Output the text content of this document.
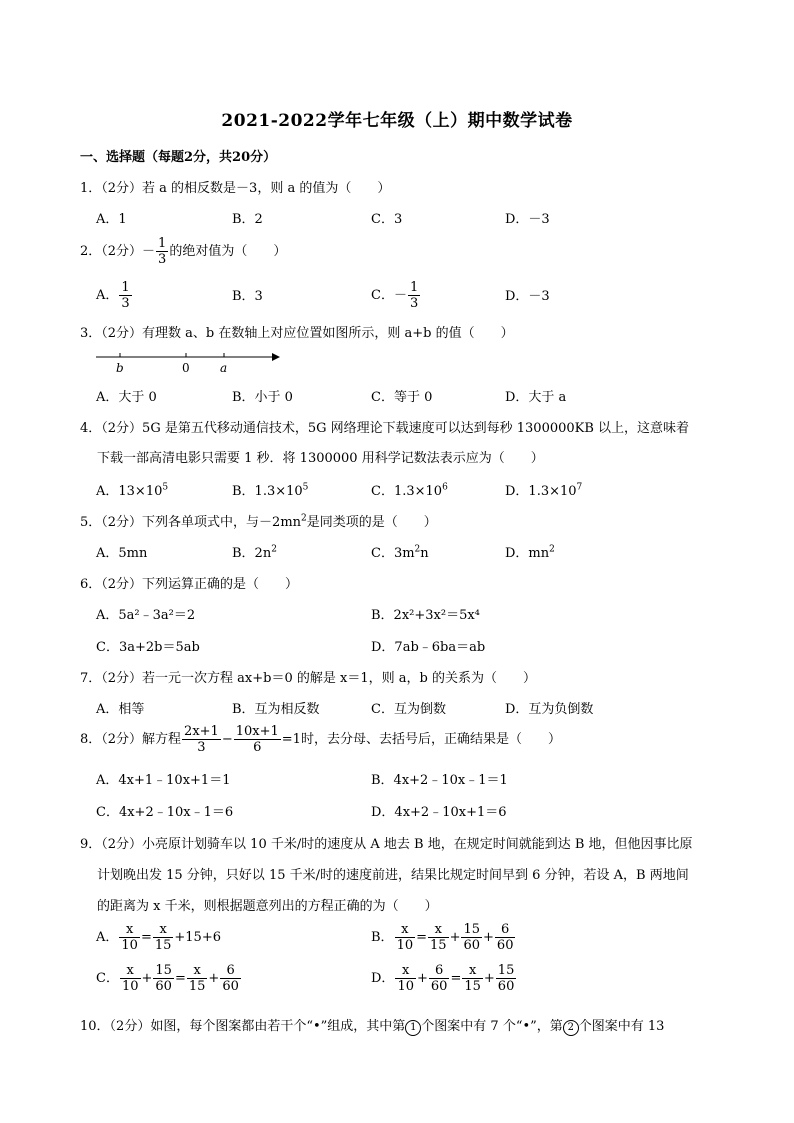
2021-2022学年七年级（上）期中数学试卷
一、选择题（每题2分，共20分）
1．（2分）若 a 的相反数是－3，则 a 的值为（　　）
A．1	B．2	C．3	D．－3
2．（2分）－ $\frac{1}{3}$ 的绝对值为（　　）
A． $\frac{1}{3}$	B．3	C．－ $\frac{1}{3}$	D．－3
3．（2分）有理数 a、b 在数轴上对应位置如图所示，则 a+b 的值（　　）
b	0	a
A．大于 0	B．小于 0	C．等于 0	D．大于 a
4．（2分）5G 是第五代移动通信技术，5G 网络理论下载速度可以达到每秒 1300000KB 以上，这意味着
下载一部高清电影只需要 1 秒．将 1300000 用科学记数法表示应为（　　）
A．$13\times 10^5$	B．$1.3\times 10^5$	C．$1.3\times 10^6$	D．$1.3\times 10^7$
5．（2分）下列各单项式中，与$-2mn^2$是同类项的是（　　）
A．5mn	B．$2n^2$	C．$3m^2n$	D．$mn^2$
6．（2分）下列运算正确的是（　　）
A．5a²﹣3a²＝2	B．2x²+3x²＝5x⁴
C．3a+2b＝5ab	D．7ab﹣6ba＝ab
7．（2分）若一元一次方程 ax+b＝0 的解是 x＝1，则 a，b 的关系为（　　）
A．相等	B．互为相反数	C．互为倒数	D．互为负倒数
8．（2分）解方程 $\frac{2x+1}{3} - \frac{10x+1}{6} =1$时，去分母、去括号后，正确结果是（　　）
A．4x+1﹣10x+1＝1	B．4x+2﹣10x﹣1＝1
C．4x+2﹣10x﹣1＝6	D．4x+2﹣10x+1＝6
9．（2分）小亮原计划骑车以 10 千米/时的速度从 A 地去 B 地，在规定时间就能到达 B 地，但他因事比原
计划晚出发 15 分钟，只好以 15 千米/时的速度前进，结果比规定时间早到 6 分钟，若设 A，B 两地间
的距离为 x 千米，则根据题意列出的方程正确的为（　　）
A． $\frac{x}{10} = \frac{x}{15} +15+6$	B． $\frac{x}{10} = \frac{x}{15} + \frac{15}{60} + \frac{6}{60}$
C． $\frac{x}{10} + \frac{15}{60} = \frac{x}{15} + \frac{6}{60}$	D． $\frac{x}{10} + \frac{6}{60} = \frac{x}{15} + \frac{15}{60}$
10．（2分）如图，每个图案都由若干个“•”组成，其中第 1 个图案中有 7 个“•”，第 2 个图案中有 13
